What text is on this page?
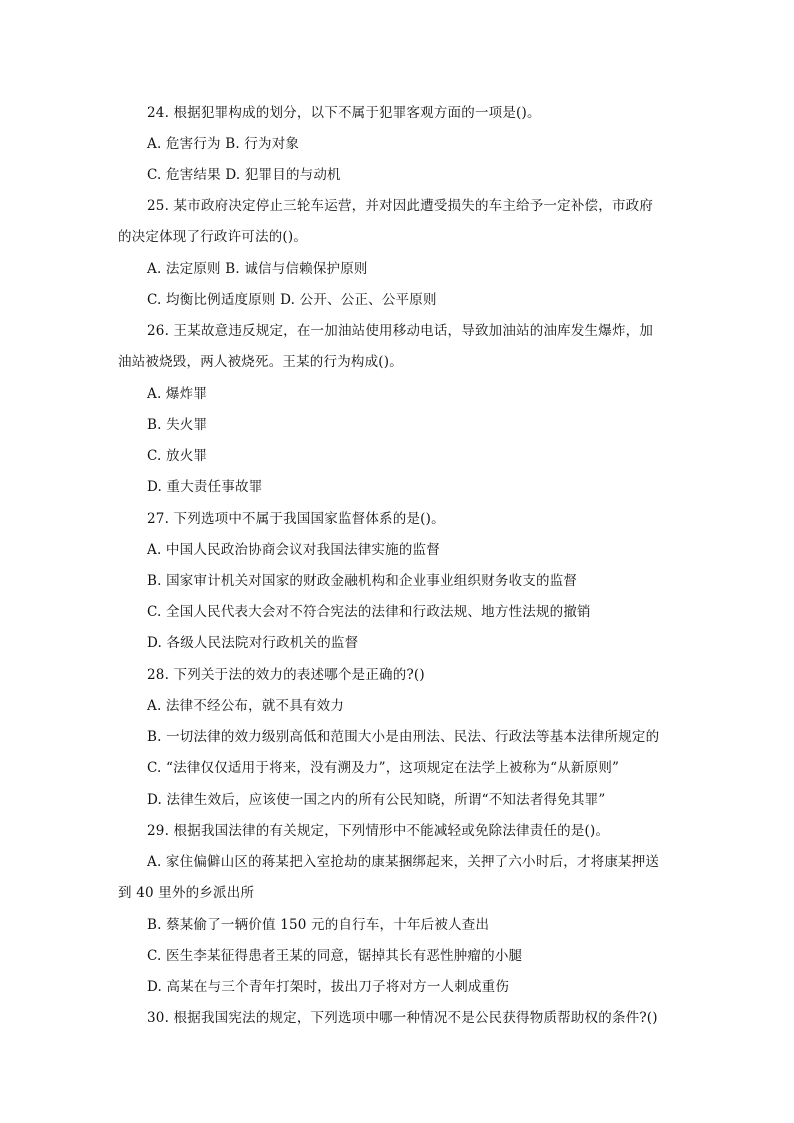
24. 根据犯罪构成的划分，以下不属于犯罪客观方面的一项是()。
A. 危害行为 B. 行为对象
C. 危害结果 D. 犯罪目的与动机
25. 某市政府决定停止三轮车运营，并对因此遭受损失的车主给予一定补偿，市政府
的决定体现了行政许可法的()。
A. 法定原则 B. 诚信与信赖保护原则
C. 均衡比例适度原则 D. 公开、公正、公平原则
26. 王某故意违反规定，在一加油站使用移动电话，导致加油站的油库发生爆炸，加
油站被烧毁，两人被烧死。王某的行为构成()。
A. 爆炸罪
B. 失火罪
C. 放火罪
D. 重大责任事故罪
27. 下列选项中不属于我国国家监督体系的是()。
A. 中国人民政治协商会议对我国法律实施的监督
B. 国家审计机关对国家的财政金融机构和企业事业组织财务收支的监督
C. 全国人民代表大会对不符合宪法的法律和行政法规、地方性法规的撤销
D. 各级人民法院对行政机关的监督
28. 下列关于法的效力的表述哪个是正确的?()
A. 法律不经公布，就不具有效力
B. 一切法律的效力级别高低和范围大小是由刑法、民法、行政法等基本法律所规定的
C. “法律仅仅适用于将来，没有溯及力”，这项规定在法学上被称为“从新原则”
D. 法律生效后，应该使一国之内的所有公民知晓，所谓“不知法者得免其罪”
29. 根据我国法律的有关规定，下列情形中不能减轻或免除法律责任的是()。
A. 家住偏僻山区的蒋某把入室抢劫的康某捆绑起来，关押了六小时后，才将康某押送
到 40 里外的乡派出所
B. 蔡某偷了一辆价值 150 元的自行车，十年后被人查出
C. 医生李某征得患者王某的同意，锯掉其长有恶性肿瘤的小腿
D. 高某在与三个青年打架时，拔出刀子将对方一人刺成重伤
30. 根据我国宪法的规定，下列选项中哪一种情况不是公民获得物质帮助权的条件?()
